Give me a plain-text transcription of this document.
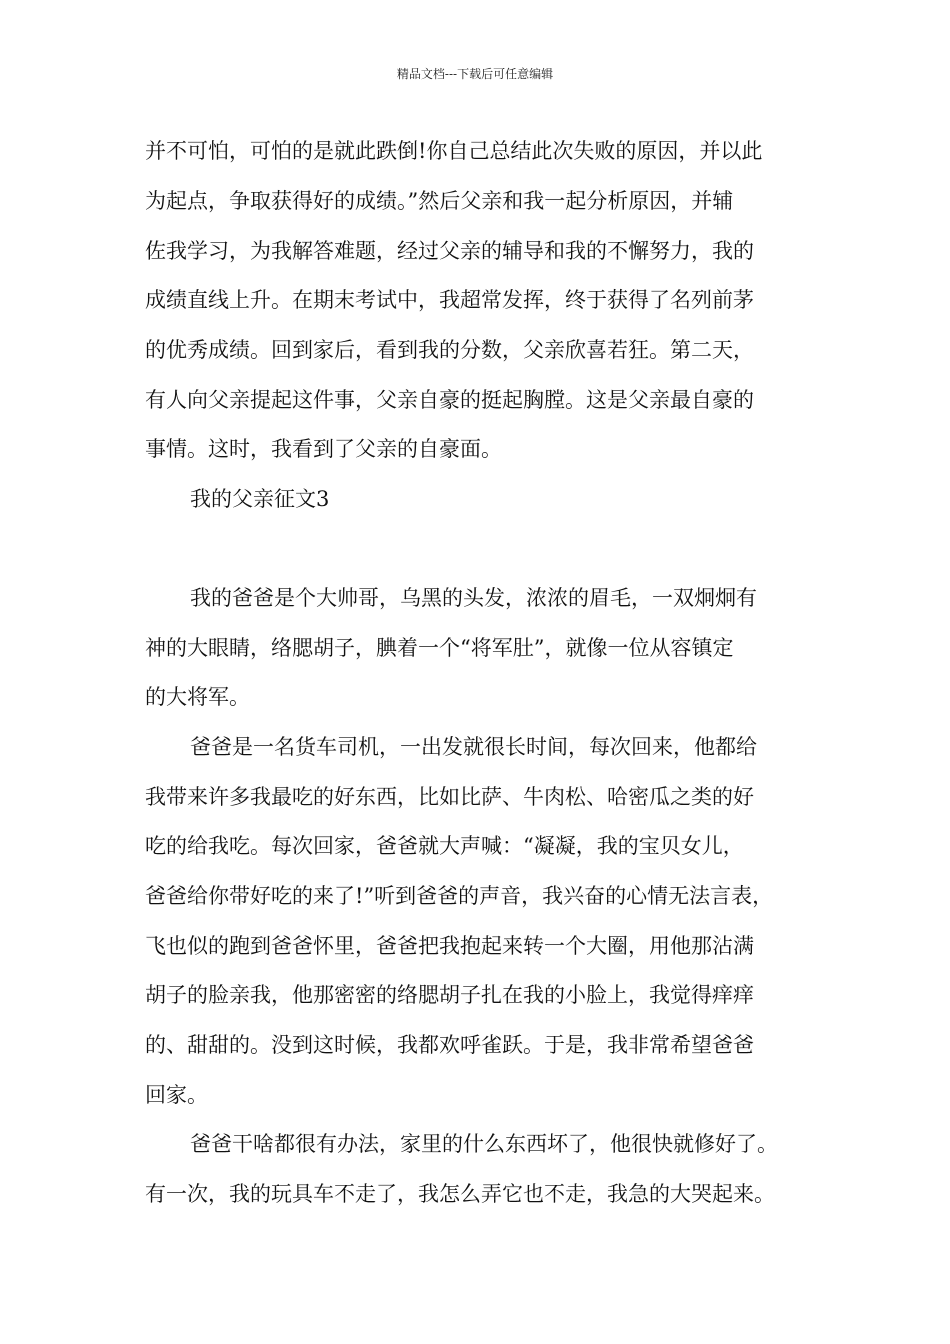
精品文档---下载后可任意编辑
并不可怕，可怕的是就此跌倒!你自己总结此次失败的原因，并以此
为起点，争取获得好的成绩。”然后父亲和我一起分析原因，并辅
佐我学习，为我解答难题，经过父亲的辅导和我的不懈努力，我的
成绩直线上升。在期末考试中，我超常发挥，终于获得了名列前茅
的优秀成绩。回到家后，看到我的分数，父亲欣喜若狂。第二天，
有人向父亲提起这件事，父亲自豪的挺起胸膛。这是父亲最自豪的
事情。这时，我看到了父亲的自豪面。
我的父亲征文3
我的爸爸是个大帅哥，乌黑的头发，浓浓的眉毛，一双炯炯有
神的大眼睛，络腮胡子，腆着一个“将军肚”，就像一位从容镇定
的大将军。
爸爸是一名货车司机，一出发就很长时间，每次回来，他都给
我带来许多我最吃的好东西，比如比萨、牛肉松、哈密瓜之类的好
吃的给我吃。每次回家，爸爸就大声喊：“凝凝，我的宝贝女儿，
爸爸给你带好吃的来了!”听到爸爸的声音，我兴奋的心情无法言表，
飞也似的跑到爸爸怀里，爸爸把我抱起来转一个大圈，用他那沾满
胡子的脸亲我，他那密密的络腮胡子扎在我的小脸上，我觉得痒痒
的、甜甜的。没到这时候，我都欢呼雀跃。于是，我非常希望爸爸
回家。
爸爸干啥都很有办法，家里的什么东西坏了，他很快就修好了。
有一次，我的玩具车不走了，我怎么弄它也不走，我急的大哭起来。
